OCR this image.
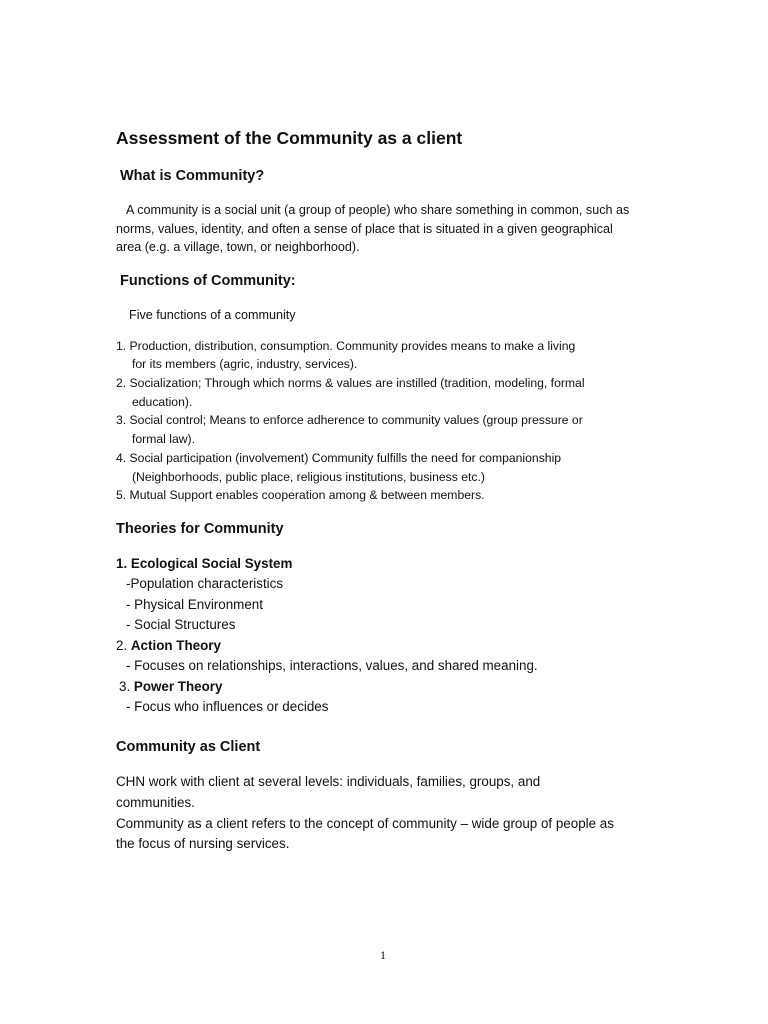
Assessment of the Community as a client
What is Community?
A community is a social unit (a group of people) who share something in common, such as
norms, values, identity, and often a sense of place that is situated in a given geographical
area (e.g. a village, town, or neighborhood).
Functions of Community:
Five functions of a community
1. Production, distribution, consumption. Community provides means to make a living
for its members (agric, industry, services).
2. Socialization; Through which norms & values are instilled (tradition, modeling, formal
education).
3. Social control; Means to enforce adherence to community values (group pressure or
formal law).
4. Social participation (involvement) Community fulfills the need for companionship
(Neighborhoods, public place, religious institutions, business etc.)
5. Mutual Support enables cooperation among & between members.
Theories for Community
1. Ecological Social System
-Population characteristics
- Physical Environment
- Social Structures
2. Action Theory
- Focuses on relationships, interactions, values, and shared meaning.
3. Power Theory
- Focus who influences or decides
Community as Client
CHN work with client at several levels: individuals, families, groups, and
communities.
Community as a client refers to the concept of community – wide group of people as
the focus of nursing services.
1
